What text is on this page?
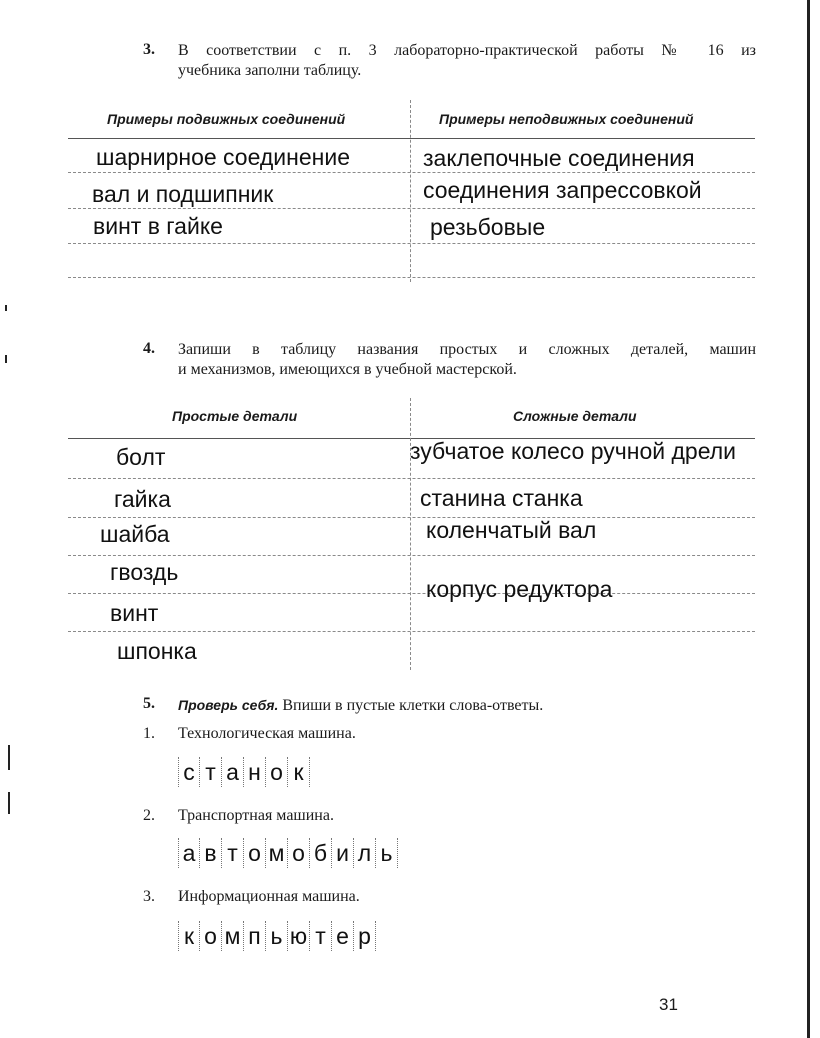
3. В соответствии с п. 3 лабораторно-практической работы № 16 из
учебника заполни таблицу.
Примеры подвижных соединений	Примеры неподвижных соединений
шарнирное соединение
вал и подшипник
винт в гайке
заклепочные соединения
соединения запрессовкой
резьбовые
4. Запиши в таблицу названия простых и сложных деталей, машин
и механизмов, имеющихся в учебной мастерской.
Простые детали	Сложные детали
болт
гайка
шайба
гвоздь
винт
шпонка
зубчатое колесо ручной дрели
станина станка
коленчатый вал
корпус редуктора
5. Проверь себя. Впиши в пустые клетки слова-ответы.
1. Технологическая машина.
с т а н о к
2. Транспортная машина.
а в т о м о б и л ь
3. Информационная машина.
к о м п ь ю т е р
31
